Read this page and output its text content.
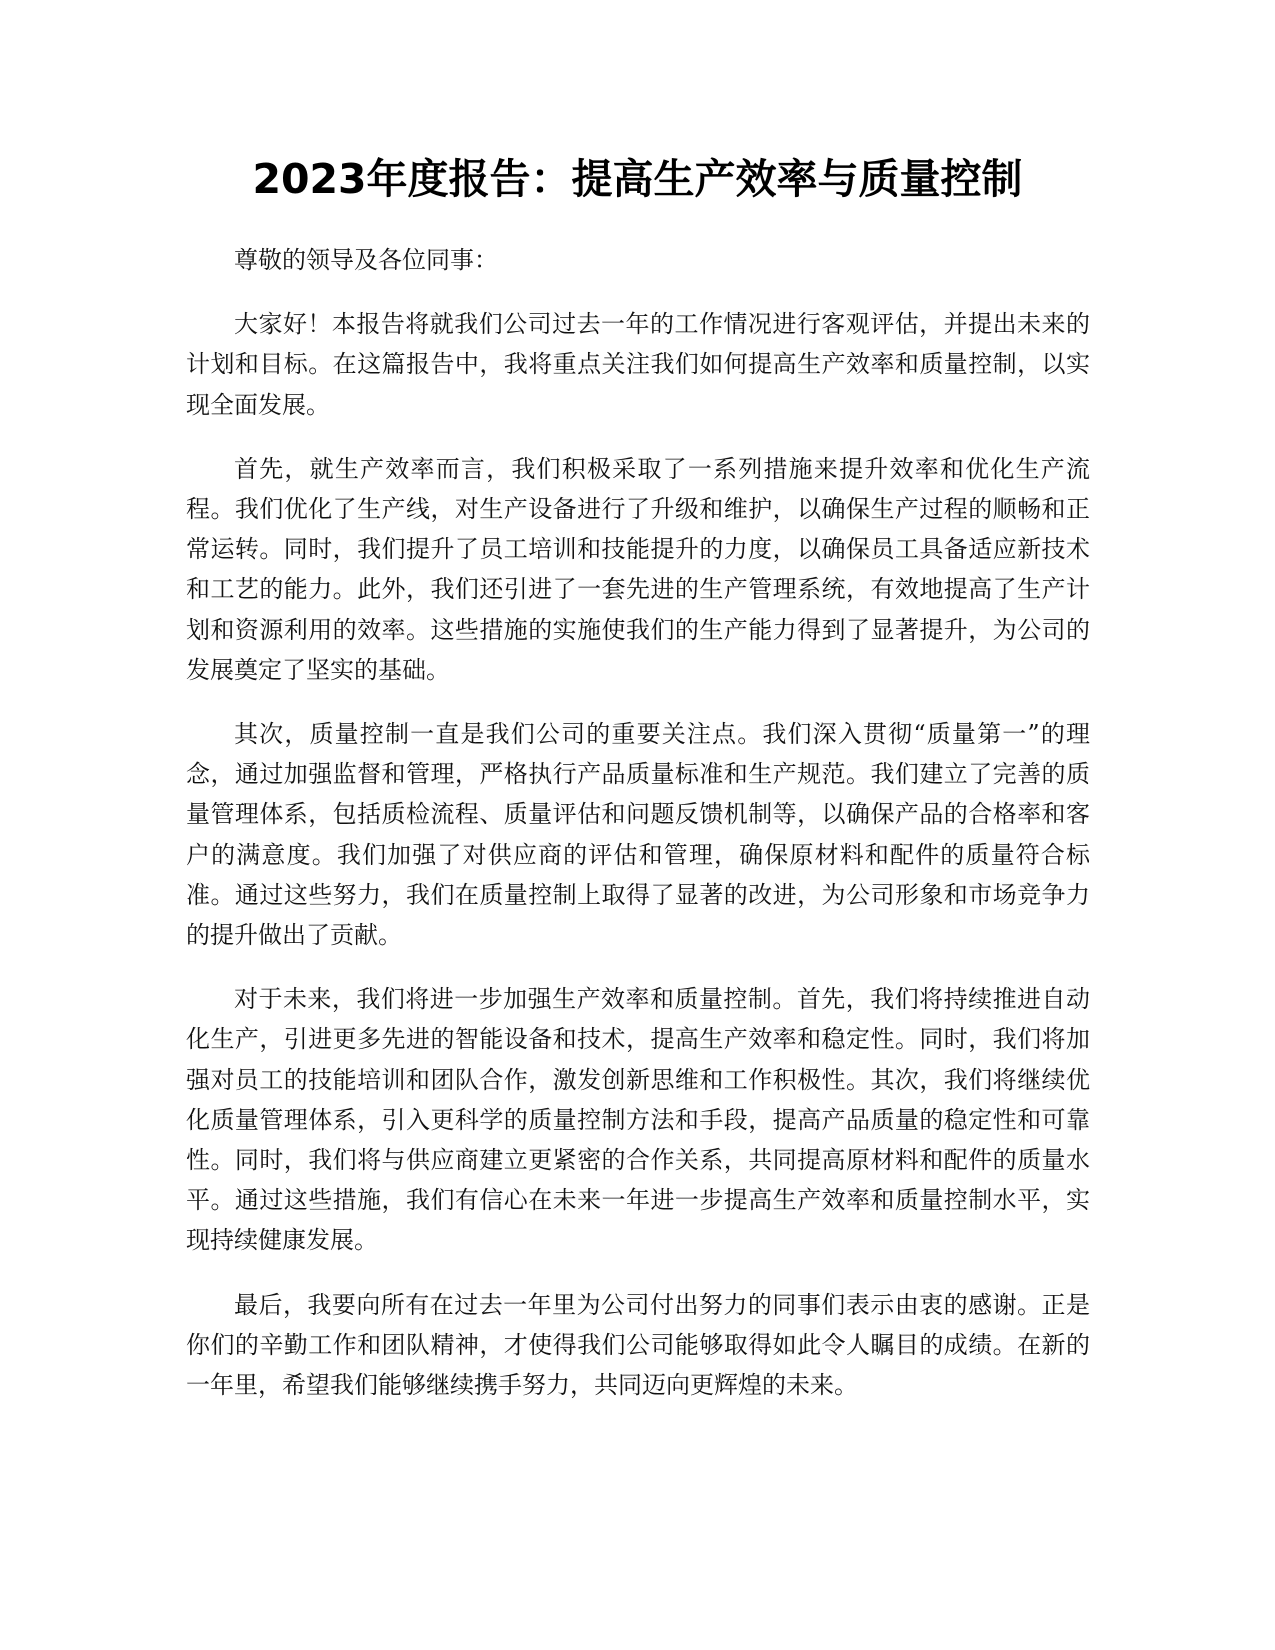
2023年度报告：提高生产效率与质量控制

尊敬的领导及各位同事：

大家好！本报告将就我们公司过去一年的工作情况进行客观评估，并提出未来的计划和目标。在这篇报告中，我将重点关注我们如何提高生产效率和质量控制，以实现全面发展。

首先，就生产效率而言，我们积极采取了一系列措施来提升效率和优化生产流程。我们优化了生产线，对生产设备进行了升级和维护，以确保生产过程的顺畅和正常运转。同时，我们提升了员工培训和技能提升的力度，以确保员工具备适应新技术和工艺的能力。此外，我们还引进了一套先进的生产管理系统，有效地提高了生产计划和资源利用的效率。这些措施的实施使我们的生产能力得到了显著提升，为公司的发展奠定了坚实的基础。

其次，质量控制一直是我们公司的重要关注点。我们深入贯彻“质量第一”的理念，通过加强监督和管理，严格执行产品质量标准和生产规范。我们建立了完善的质量管理体系，包括质检流程、质量评估和问题反馈机制等，以确保产品的合格率和客户的满意度。我们加强了对供应商的评估和管理，确保原材料和配件的质量符合标准。通过这些努力，我们在质量控制上取得了显著的改进，为公司形象和市场竞争力的提升做出了贡献。

对于未来，我们将进一步加强生产效率和质量控制。首先，我们将持续推进自动化生产，引进更多先进的智能设备和技术，提高生产效率和稳定性。同时，我们将加强对员工的技能培训和团队合作，激发创新思维和工作积极性。其次，我们将继续优化质量管理体系，引入更科学的质量控制方法和手段，提高产品质量的稳定性和可靠性。同时，我们将与供应商建立更紧密的合作关系，共同提高原材料和配件的质量水平。通过这些措施，我们有信心在未来一年进一步提高生产效率和质量控制水平，实现持续健康发展。

最后，我要向所有在过去一年里为公司付出努力的同事们表示由衷的感谢。正是你们的辛勤工作和团队精神，才使得我们公司能够取得如此令人瞩目的成绩。在新的一年里，希望我们能够继续携手努力，共同迈向更辉煌的未来。
